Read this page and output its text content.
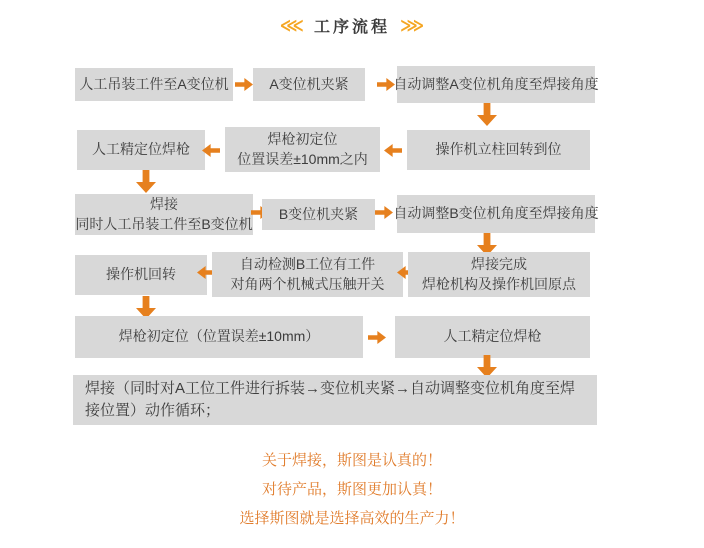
⋘ 工序流程 ⋙
人工吊装工件至A变位机	A变位机夹紧	自动调整A变位机角度至焊接角度
人工精定位焊枪
焊枪初定位
位置误差±10mm之内
操作机立柱回转到位
焊接
同时人工吊装工件至B变位机
B变位机夹紧	自动调整B变位机角度至焊接角度
操作机回转
自动检测B工位有工件
对角两个机械式压触开关
焊接完成
焊枪机构及操作机回原点
焊枪初定位（位置误差±10mm）	人工精定位焊枪
焊接（同时对A工位工件进行拆装→变位机夹紧→自动调整变位机角度至焊接位置）动作循环；

关于焊接，斯图是认真的！

对待产品，斯图更加认真！

选择斯图就是选择高效的生产力！
